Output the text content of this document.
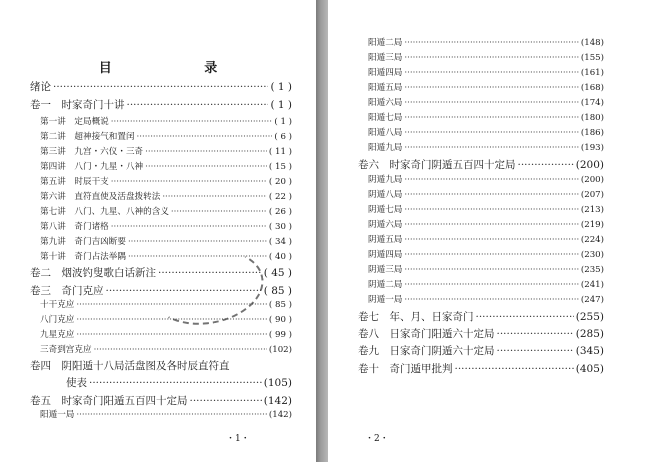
目 录
绪论 ·····	( 1 )
卷一　时家奇门十讲 ·····	( 1 )
第一讲　定局概说 ·····	( 1 )
第二讲　超神接气和置闰 ·····	( 6 )
第三讲　九宫・六仪・三奇 ·····	( 11 )
第四讲　八门・九星・八神 ·····	( 15 )
第五讲　时辰干支 ·····	( 20 )
第六讲　直符直使及活盘拨转法 ·····	( 22 )
第七讲　八门、九星、八神的含义 ·····	( 26 )
第八讲　奇门诸格 ·····	( 30 )
第九讲　奇门吉凶断要 ·····	( 34 )
第十讲　奇门占法举隅 ·····	( 40 )
卷二　烟波钓叟歌白话新注 ·····	( 45 )
卷三　奇门克应 ·····	( 85 )
十干克应 ·····	( 85 )
八门克应 ·····	( 90 )
九星克应 ·····	( 99 )
三奇到宫克应 ·····	(102)
卷四　阴阳遁十八局活盘图及各时辰直符直
使表 ·····	(105)
卷五　时家奇门阳遁五百四十定局 ·····	(142)
阳遁一局 ·····	(142)
・1・
阳遁二局 ·····	(148)
阳遁三局 ·····	(155)
阳遁四局 ·····	(161)
阳遁五局 ·····	(168)
阳遁六局 ·····	(174)
阳遁七局 ·····	(180)
阳遁八局 ·····	(186)
阳遁九局 ·····	(193)
卷六　时家奇门阴遁五百四十定局 ·····	(200)
阴遁九局 ·····	(200)
阴遁八局 ·····	(207)
阴遁七局 ·····	(213)
阴遁六局 ·····	(219)
阴遁五局 ·····	(224)
阴遁四局 ·····	(230)
阴遁三局 ·····	(235)
阴遁二局 ·····	(241)
阴遁一局 ·····	(247)
卷七　年、月、日家奇门 ·····	(255)
卷八　日家奇门阳遁六十定局 ·····	(285)
卷九　日家奇门阴遁六十定局 ·····	(345)
卷十　奇门遁甲批判 ·····	(405)
・2・
